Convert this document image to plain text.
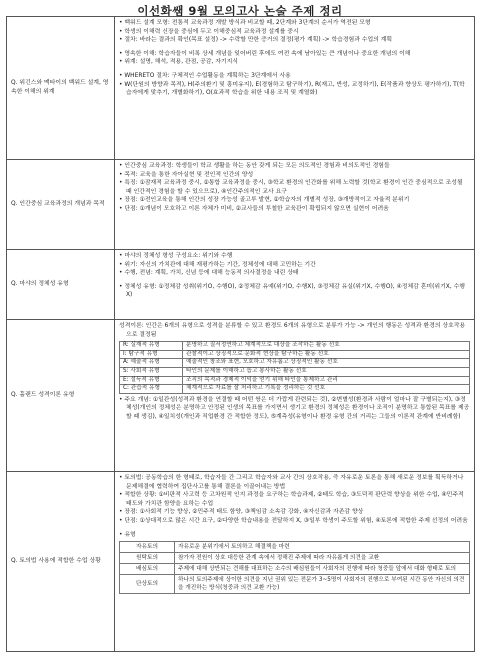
이선화쌤 9월 모의고사 논술 주제 정리
Q. 위긴스와 맥타이의 백워드 설계, 영속한 이해의 위계	
• 백워드 설계 모형: 전통적 교육과정 개발 방식과 비교할 때, 2단계와 3단계의 순서가 역전된 모형
• 학생의 이해력 신장을 중심에 두고 이해중심적 교육과정 설계를 중시
• 절차: 바라는 결과의 확인(목표 설정) -> 수락할 만한 증거의 결정(평가 계획) -> 학습경험과 수업의 계획
• 영속한 이해: 학습자들이 비록 상세 개념을 잊어버린 후에도 여전 속에 남아있는 큰 개념이나 중요한 개념의 이해
• 위계: 설명, 해석, 적용, 관점, 공감, 자기지식
• WHERETO 절차: 구체적인 수업활동을 계획하는 3단계에서 사용
• W(단원의 방향과 목적), H(주의환기 및 흥미유지), E(경험하고 탐구하기), R(재고, 반성, 교정하기), E(작품과 향상도 평가하기), T(학습자에게 맞추기, 개별화하기), O(효과적 학습을 위한 내용 조직 및 계열화)

Q. 인간중심 교육과정의 개념과 목적	
• 인간중심 교육과정: 학생들이 학교 생활을 하는 동안 갖게 되는 모든 의도적인 경험과 비의도적인 경험들
• 목적: 교육을 통한 자아실현 및 전인적 인간의 양성
• 특징: ①잠재적 교육과정 중시, ②통합 교육과정을 중시, ③학교 환경의 인간화를 위해 노력할 것(학교 환경이 인간 중심적으로 조성될 때 인간적인 경험을 할 수 있으므로), ④인간주의적인 교사 요구
• 장점: ①전인교육을 통해 인간의 성장 가능성 골고루 발현, ②학습자의 개별적 성장, ③개방적이고 자율적 분위기
• 단점: ①개념이 모호하고 이론 자체가 미비, ②교사들의 투철한 교육관이 확립되지 않으면 실현이 어려움

Q. 마샤의 정체성 유형	
• 마샤의 정체성 형성 구성요소: 위기와 수행
• 위기: 자신의 가치관에 대해 재평가하는 기간, 정체성에 대해 고민하는 기간
• 수행, 전념: 계획, 가치, 신념 등에 대해 능동적 의사결정을 내린 상태
• 정체성 유형: ①정체감 성취(위기O, 수행O), ②정체감 유예(위기O, 수행X), ③정체감 유실(위기X, 수행O), ④정체감 혼미(위기X, 수행X)

Q. 홀랜드 성격이론 유형	
성격이론: 인간은 6개의 유형으로 성격을 분류할 수 있고 환경도 6개의 유형으로 분류가 가능 -> 개인의 행동은 성격과 환경의 상호작용으로 결정됨
R: 실재적 유형	분명하고 질서정연하고 체계적으로 대상을 조작하는 활동 선호
I: 탐구적 유형	관찰적이고 상징적으로 문화적 현상을 탐구하는 활동 선호
A: 예술적 유형	예술적인 창조와 표현, 모호하고 자유롭고 상징적인 활동 선호
S: 사회적 유형	타인의 문제를 이해하고 돕고 봉사하는 활동 선호
E: 설득적 유형	조직의 목적과 경제적 이익을 얻기 위해 타인을 통제하고 관리
C: 관습적 유형	체계적으로 자료를 잘 처리하고 기록을 정리하는 것 선호
• 주요 개념: ①일관성(성격과 환경을 연결할 때 어떤 쌍은 더 가깝게 관련되는 것), ②변별성(환경과 사람이 얼마나 잘 구별되는지), ③정체성(개인의 정체성은 분명하고 안정된 인생의 목표를 가지면서 생기고 환경의 정체성은 환경이나 조직이 분명하고 통합된 목표를 제공할 때 생김), ④일치성(개인과 직업환경 간 적합한 정도), ⑤계측성(유형이나 환경 유형 간의 거리는 그들의 이론적 관계에 반비례함)

Q. 토의법 사용에 적합한 수업 상황	
• 토의법: 공동학습의 한 형태로, 학습자들 간 그리고 학습자와 교사 간의 상호작용, 즉 자유로운 토론을 통해 새로운 정보를 획득하거나 문제해결에 협력하여 집단사고를 통해 결론을 이끌어내는 방법
• 적합한 상황: ①비판적 사고력 등 고차원적 인지 과정을 요구하는 학습과제, ②태도 학습, ③도덕적 판단력 향상을 위한 수업, ④민주적 태도와 가치관 함양을 요하는 수업
• 장점: ①사회적 기능 향상, ②민주적 태도 함양, ③책임감 소속감 강화, ④자신감과 자존감 향상
• 단점: ①상대적으로 많은 시간 요구, ②다양한 학습내용을 전달하지 X, ③일부 학생이 주도할 위험, ④토론에 적합한 주제 선정의 어려움
• 유형
자유토의	자유로운 분위기에서 토의하고 해결책을 마련
원탁토의	참가자 전원이 상호 대등한 관계 속에서 정해진 주제에 따라 자유롭게 의견을 교환
배심토의	주제에 대해 상반되는 견해를 대표하는 소수의 배심원들이 사회자의 진행에 따라 청중들 앞에서 대화 형태로 토의
단상토의	하나의 토의주제에 상이한 의견을 지닌 권위 있는 전문가 3~5명이 사회자의 진행으로 부여된 시간 동안 자신의 의견을 개진하는 방식(청중과 의견 교환 가능)
